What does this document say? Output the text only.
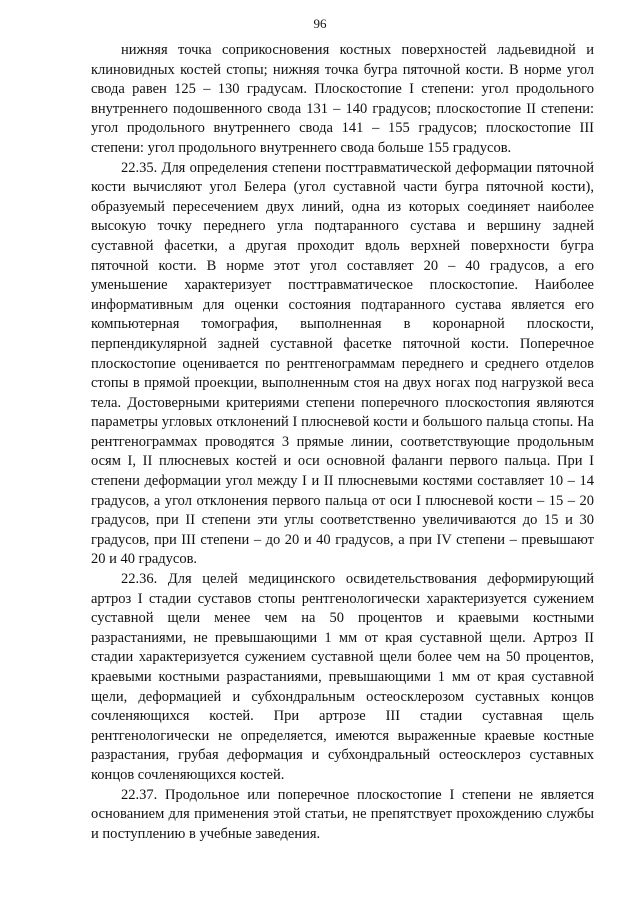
96

нижняя точка соприкосновения костных поверхностей ладьевидной и клиновидных костей стопы; нижняя точка бугра пяточной кости. В норме угол свода равен 125 – 130 градусам. Плоскостопие I степени: угол продольного внутреннего подошвенного свода 131 – 140 градусов; плоскостопие II степени: угол продольного внутреннего свода 141 – 155 градусов; плоскостопие III степени: угол продольного внутреннего свода больше 155 градусов.

22.35. Для определения степени посттравматической деформации пяточной кости вычисляют угол Белера (угол суставной части бугра пяточной кости), образуемый пересечением двух линий, одна из которых соединяет наиболее высокую точку переднего угла подтаранного сустава и вершину задней суставной фасетки, а другая проходит вдоль верхней поверхности бугра пяточной кости. В норме этот угол составляет 20 – 40 градусов, а его уменьшение характеризует посттравматическое плоскостопие. Наиболее информативным для оценки состояния подтаранного сустава является его компьютерная томография, выполненная в коронарной плоскости, перпендикулярной задней суставной фасетке пяточной кости. Поперечное плоскостопие оценивается по рентгенограммам переднего и среднего отделов стопы в прямой проекции, выполненным стоя на двух ногах под нагрузкой веса тела. Достоверными критериями степени поперечного плоскостопия являются параметры угловых отклонений I плюсневой кости и большого пальца стопы. На рентгенограммах проводятся 3 прямые линии, соответствующие продольным осям I, II плюсневых костей и оси основной фаланги первого пальца. При I степени деформации угол между I и II плюсневыми костями составляет 10 – 14 градусов, а угол отклонения первого пальца от оси I плюсневой кости – 15 – 20 градусов, при II степени эти углы соответственно увеличиваются до 15 и 30 градусов, при III степени – до 20 и 40 градусов, а при IV степени – превышают 20 и 40 градусов.

22.36. Для целей медицинского освидетельствования деформирующий артроз I стадии суставов стопы рентгенологически характеризуется сужением суставной щели менее чем на 50 процентов и краевыми костными разрастаниями, не превышающими 1 мм от края суставной щели. Артроз II стадии характеризуется сужением суставной щели более чем на 50 процентов, краевыми костными разрастаниями, превышающими 1 мм от края суставной щели, деформацией и субхондральным остеосклерозом суставных концов сочленяющихся костей. При артрозе III стадии суставная щель рентгенологически не определяется, имеются выраженные краевые костные разрастания, грубая деформация и субхондральный остеосклероз суставных концов сочленяющихся костей.

22.37. Продольное или поперечное плоскостопие I степени не является основанием для применения этой статьи, не препятствует прохождению службы и поступлению в учебные заведения.
